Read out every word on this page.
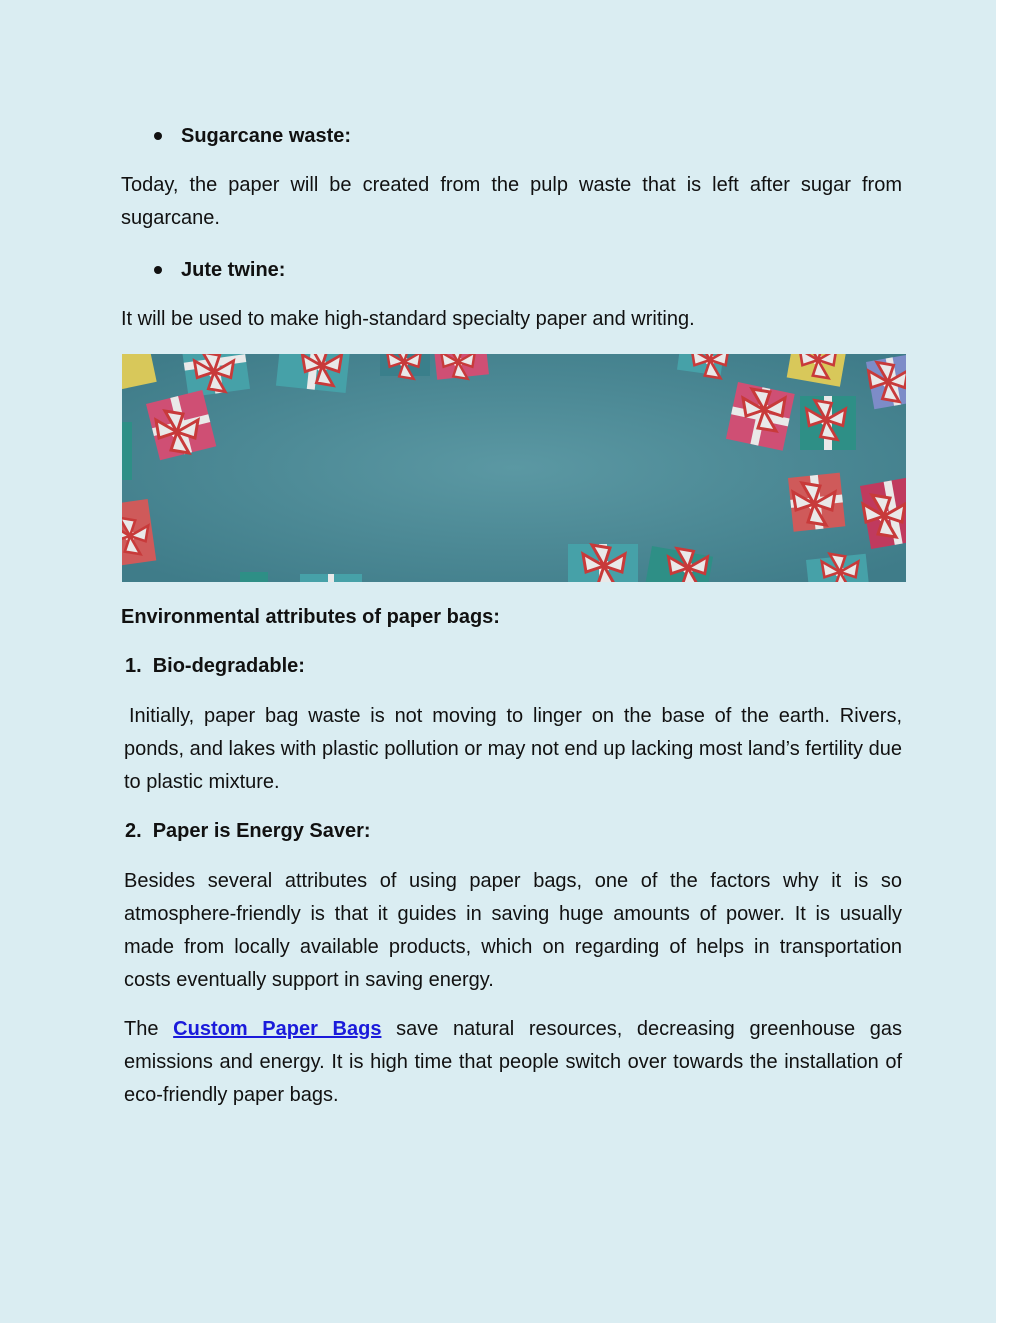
Sugarcane waste:

Today, the paper will be created from the pulp waste that is left after sugar from sugarcane.

Jute twine:

It will be used to make high-standard specialty paper and writing.

Environmental attributes of paper bags:

1. Bio-degradable:

Initially, paper bag waste is not moving to linger on the base of the earth. Rivers, ponds, and lakes with plastic pollution or may not end up lacking most land’s fertility due to plastic mixture.

2. Paper is Energy Saver:

Besides several attributes of using paper bags, one of the factors why it is so atmosphere-friendly is that it guides in saving huge amounts of power. It is usually made from locally available products, which on regarding of helps in transportation costs eventually support in saving energy.

The Custom Paper Bags save natural resources, decreasing greenhouse gas emissions and energy. It is high time that people switch over towards the installation of eco-friendly paper bags.
